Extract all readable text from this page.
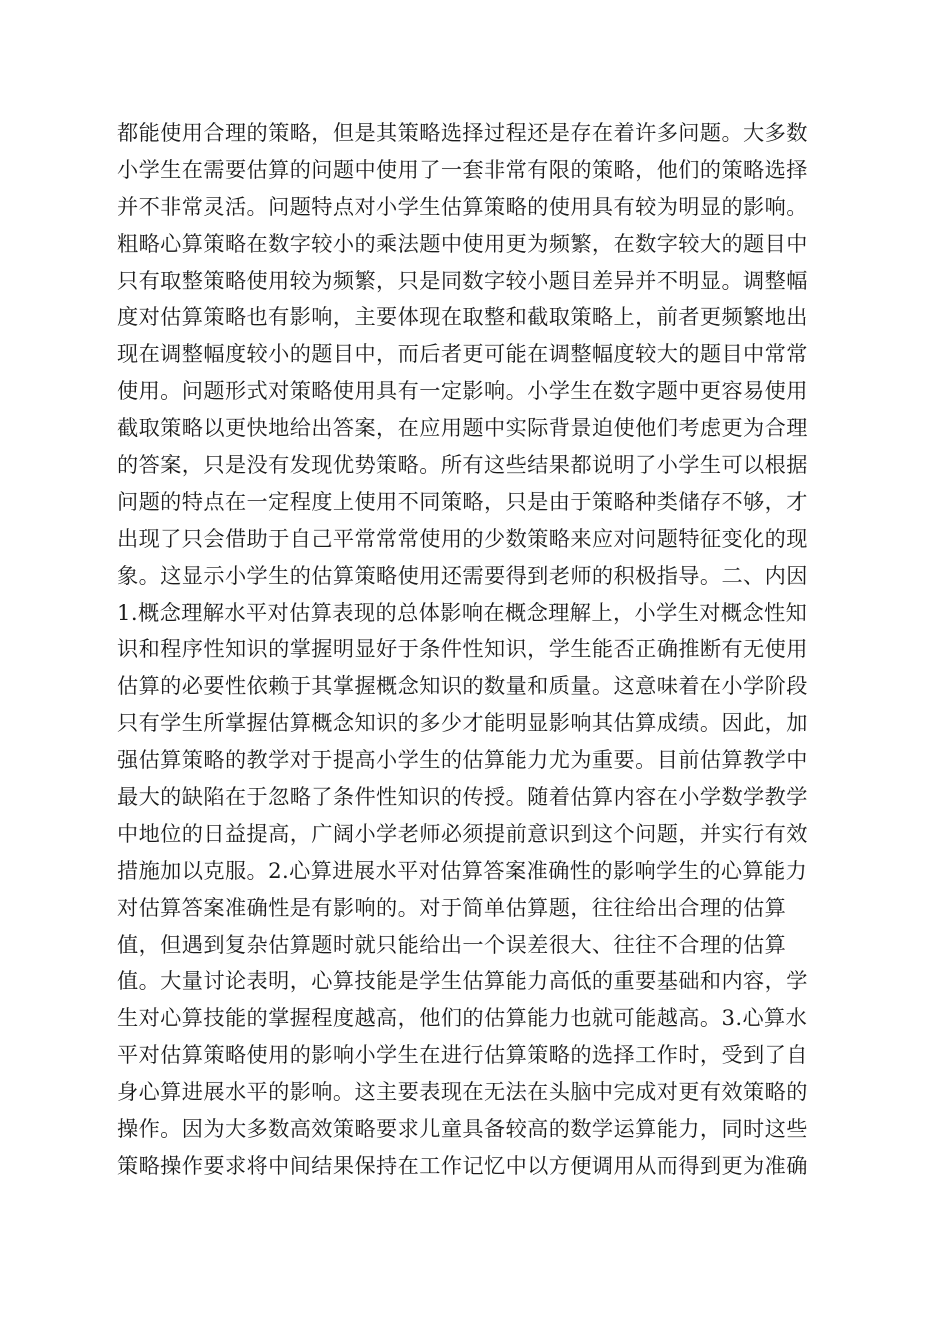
都能使用合理的策略，但是其策略选择过程还是存在着许多问题。大多数
小学生在需要估算的问题中使用了一套非常有限的策略，他们的策略选择
并不非常灵活。问题特点对小学生估算策略的使用具有较为明显的影响。
粗略心算策略在数字较小的乘法题中使用更为频繁，在数字较大的题目中
只有取整策略使用较为频繁，只是同数字较小题目差异并不明显。调整幅
度对估算策略也有影响，主要体现在取整和截取策略上，前者更频繁地出
现在调整幅度较小的题目中，而后者更可能在调整幅度较大的题目中常常
使用。问题形式对策略使用具有一定影响。小学生在数字题中更容易使用
截取策略以更快地给出答案，在应用题中实际背景迫使他们考虑更为合理
的答案，只是没有发现优势策略。所有这些结果都说明了小学生可以根据
问题的特点在一定程度上使用不同策略，只是由于策略种类储存不够，才
出现了只会借助于自己平常常常使用的少数策略来应对问题特征变化的现
象。这显示小学生的估算策略使用还需要得到老师的积极指导。二、内因
1.概念理解水平对估算表现的总体影响在概念理解上，小学生对概念性知
识和程序性知识的掌握明显好于条件性知识，学生能否正确推断有无使用
估算的必要性依赖于其掌握概念知识的数量和质量。这意味着在小学阶段
只有学生所掌握估算概念知识的多少才能明显影响其估算成绩。因此，加
强估算策略的教学对于提高小学生的估算能力尤为重要。目前估算教学中
最大的缺陷在于忽略了条件性知识的传授。随着估算内容在小学数学教学
中地位的日益提高，广阔小学老师必须提前意识到这个问题，并实行有效
措施加以克服。2.心算进展水平对估算答案准确性的影响学生的心算能力
对估算答案准确性是有影响的。对于简单估算题，往往给出合理的估算
值，但遇到复杂估算题时就只能给出一个误差很大、往往不合理的估算
值。大量讨论表明，心算技能是学生估算能力高低的重要基础和内容，学
生对心算技能的掌握程度越高，他们的估算能力也就可能越高。3.心算水
平对估算策略使用的影响小学生在进行估算策略的选择工作时，受到了自
身心算进展水平的影响。这主要表现在无法在头脑中完成对更有效策略的
操作。因为大多数高效策略要求儿童具备较高的数学运算能力，同时这些
策略操作要求将中间结果保持在工作记忆中以方便调用从而得到更为准确
